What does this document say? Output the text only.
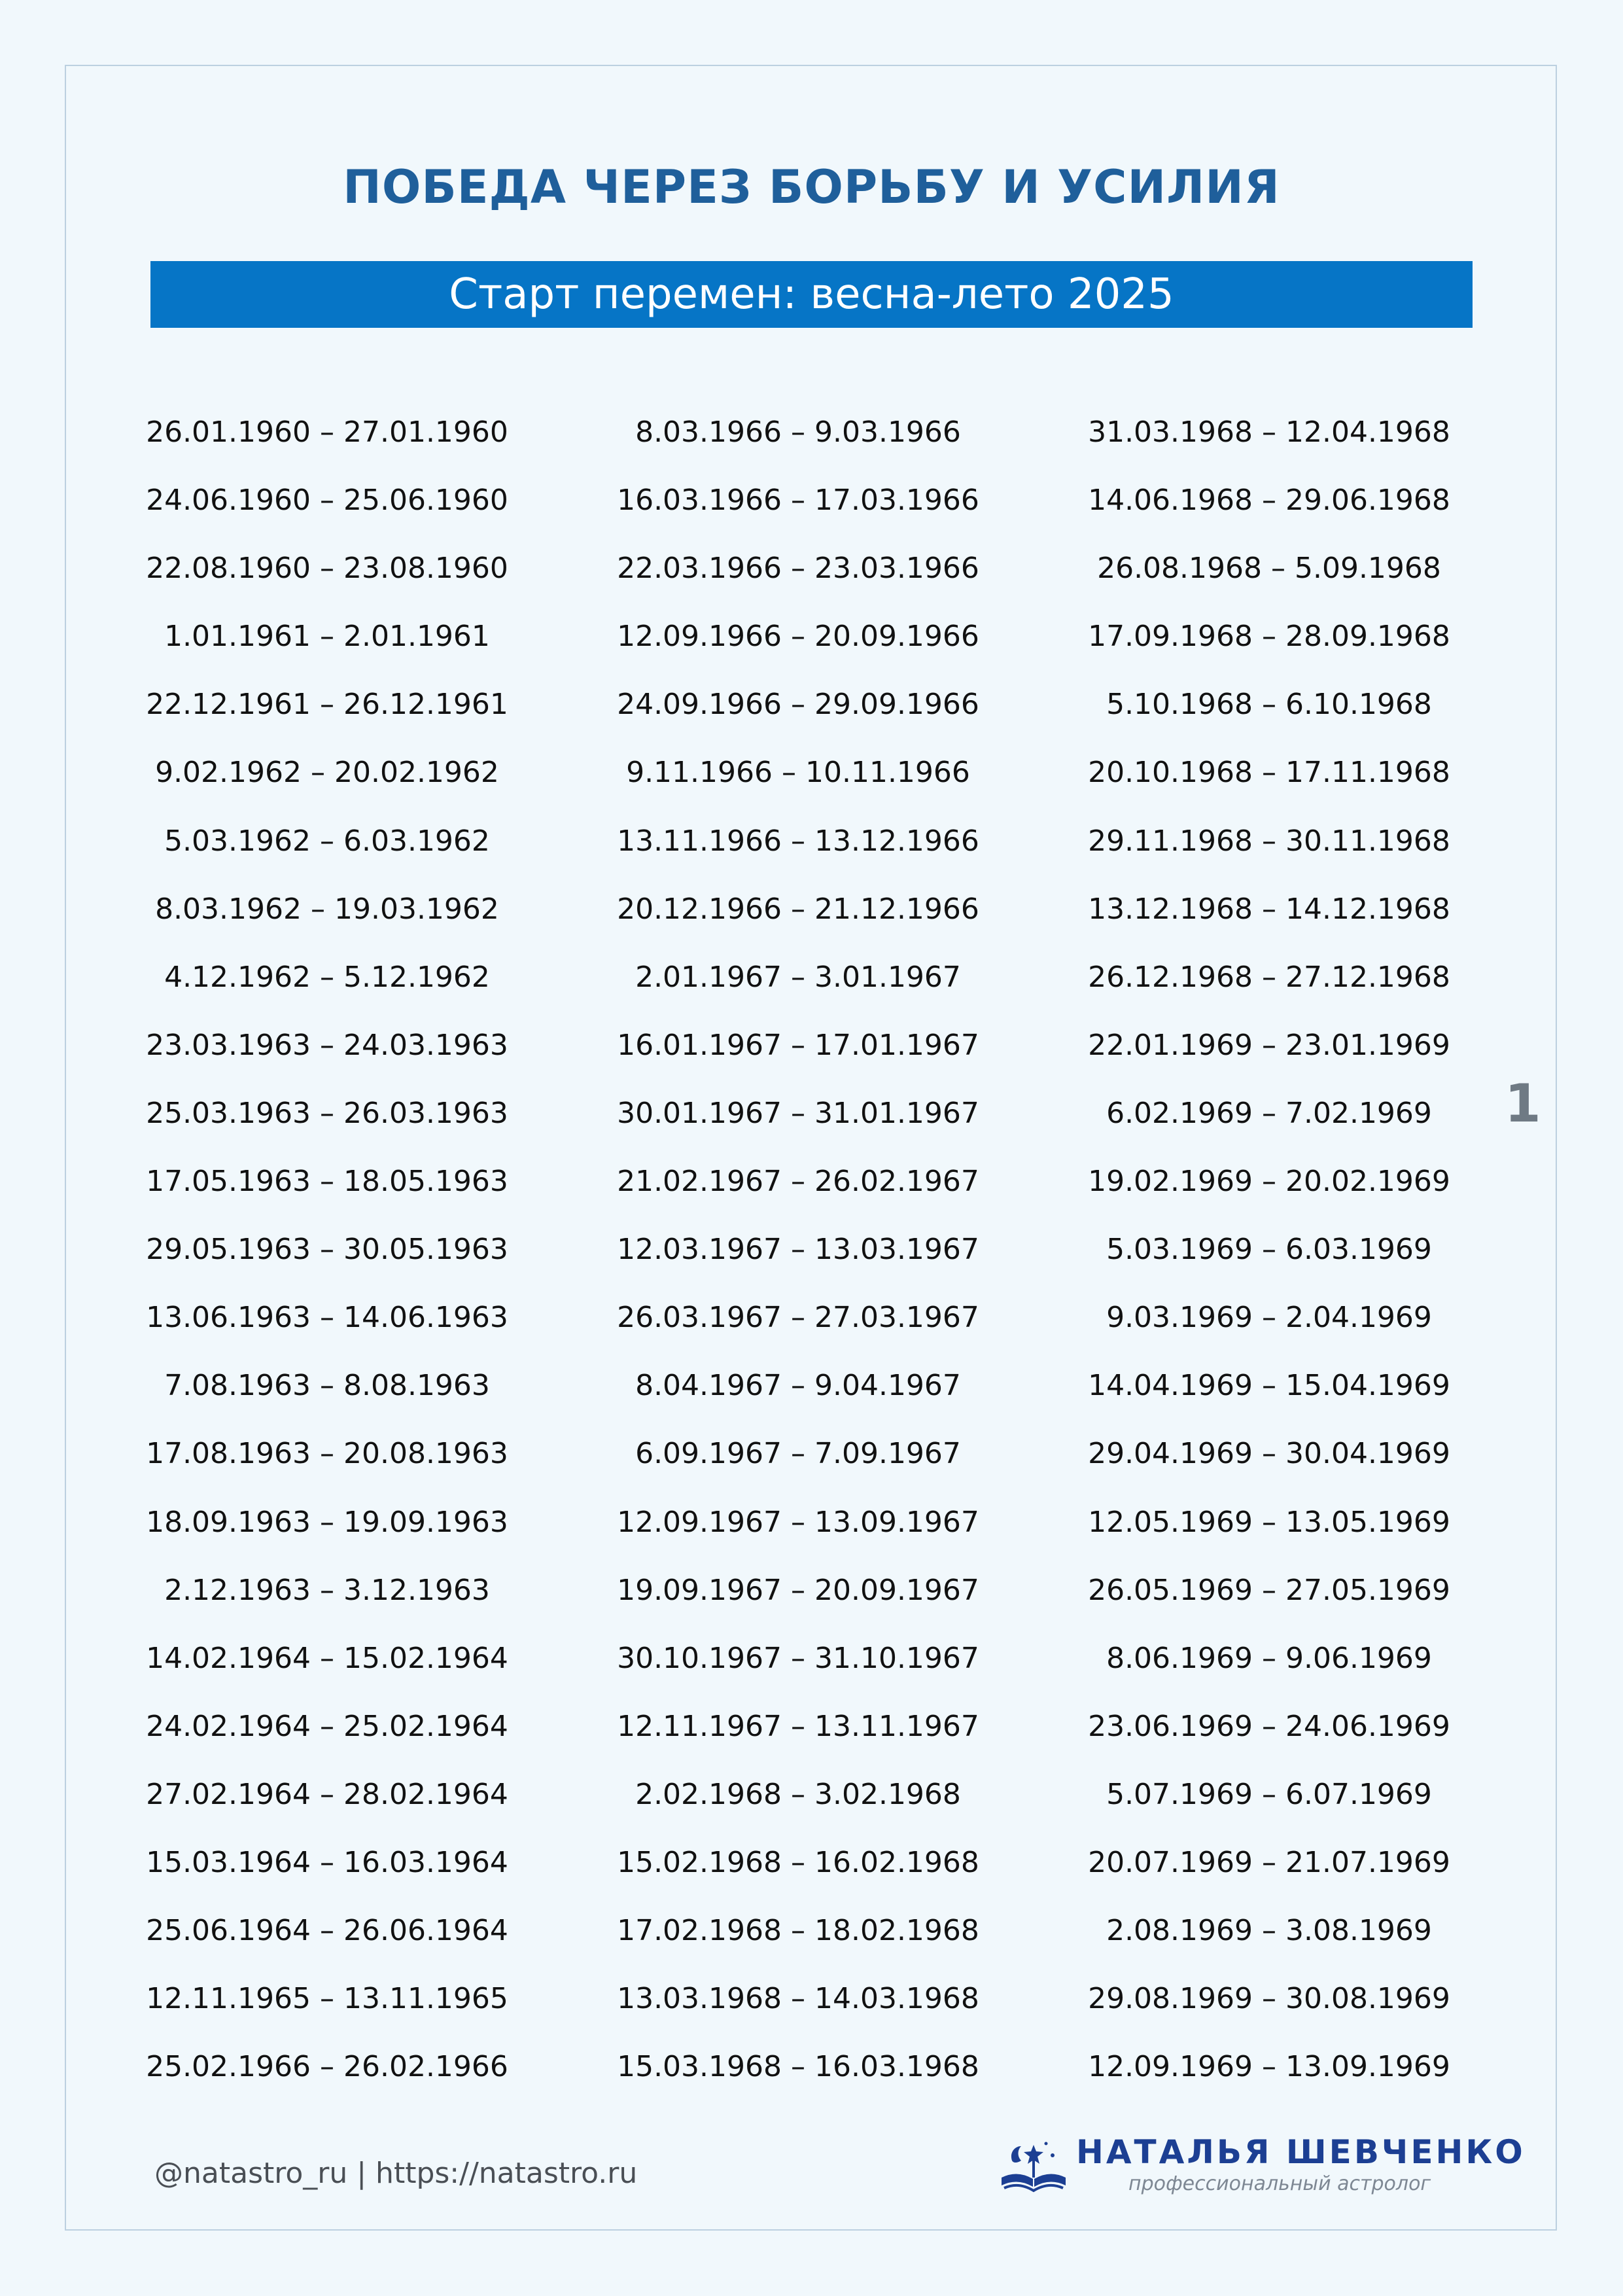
ПОБЕДА ЧЕРЕЗ БОРЬБУ И УСИЛИЯ
Старт перемен: весна-лето 2025
26.01.1960 – 27.01.1960
24.06.1960 – 25.06.1960
22.08.1960 – 23.08.1960
1.01.1961 – 2.01.1961
22.12.1961 – 26.12.1961
9.02.1962 – 20.02.1962
5.03.1962 – 6.03.1962
8.03.1962 – 19.03.1962
4.12.1962 – 5.12.1962
23.03.1963 – 24.03.1963
25.03.1963 – 26.03.1963
17.05.1963 – 18.05.1963
29.05.1963 – 30.05.1963
13.06.1963 – 14.06.1963
7.08.1963 – 8.08.1963
17.08.1963 – 20.08.1963
18.09.1963 – 19.09.1963
2.12.1963 – 3.12.1963
14.02.1964 – 15.02.1964
24.02.1964 – 25.02.1964
27.02.1964 – 28.02.1964
15.03.1964 – 16.03.1964
25.06.1964 – 26.06.1964
12.11.1965 – 13.11.1965
25.02.1966 – 26.02.1966
8.03.1966 – 9.03.1966
16.03.1966 – 17.03.1966
22.03.1966 – 23.03.1966
12.09.1966 – 20.09.1966
24.09.1966 – 29.09.1966
9.11.1966 – 10.11.1966
13.11.1966 – 13.12.1966
20.12.1966 – 21.12.1966
2.01.1967 – 3.01.1967
16.01.1967 – 17.01.1967
30.01.1967 – 31.01.1967
21.02.1967 – 26.02.1967
12.03.1967 – 13.03.1967
26.03.1967 – 27.03.1967
8.04.1967 – 9.04.1967
6.09.1967 – 7.09.1967
12.09.1967 – 13.09.1967
19.09.1967 – 20.09.1967
30.10.1967 – 31.10.1967
12.11.1967 – 13.11.1967
2.02.1968 – 3.02.1968
15.02.1968 – 16.02.1968
17.02.1968 – 18.02.1968
13.03.1968 – 14.03.1968
15.03.1968 – 16.03.1968
31.03.1968 – 12.04.1968
14.06.1968 – 29.06.1968
26.08.1968 – 5.09.1968
17.09.1968 – 28.09.1968
5.10.1968 – 6.10.1968
20.10.1968 – 17.11.1968
29.11.1968 – 30.11.1968
13.12.1968 – 14.12.1968
26.12.1968 – 27.12.1968
22.01.1969 – 23.01.1969
6.02.1969 – 7.02.1969
19.02.1969 – 20.02.1969
5.03.1969 – 6.03.1969
9.03.1969 – 2.04.1969
14.04.1969 – 15.04.1969
29.04.1969 – 30.04.1969
12.05.1969 – 13.05.1969
26.05.1969 – 27.05.1969
8.06.1969 – 9.06.1969
23.06.1969 – 24.06.1969
5.07.1969 – 6.07.1969
20.07.1969 – 21.07.1969
2.08.1969 – 3.08.1969
29.08.1969 – 30.08.1969
12.09.1969 – 13.09.1969
1
@natastro_ru | https://natastro.ru
НАТАЛЬЯ ШЕВЧЕНКО
профессиональный астролог
